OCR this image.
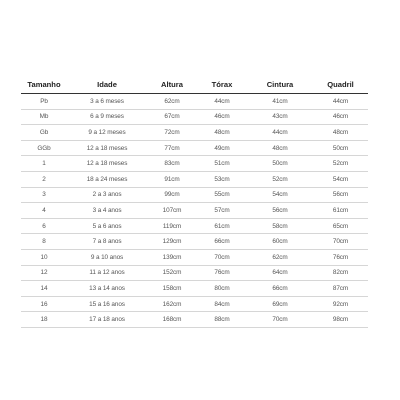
Tamanho	Idade	Altura	Tórax	Cintura	Quadril
Pb	3 a 6 meses	62cm	44cm	41cm	44cm
Mb	6 a 9 meses	67cm	46cm	43cm	46cm
Gb	9 a 12 meses	72cm	48cm	44cm	48cm
GGb	12 a 18 meses	77cm	49cm	48cm	50cm
1	12 a 18 meses	83cm	51cm	50cm	52cm
2	18 a 24 meses	91cm	53cm	52cm	54cm
3	2 a 3 anos	99cm	55cm	54cm	56cm
4	3 a 4 anos	107cm	57cm	56cm	61cm
6	5 a 6 anos	119cm	61cm	58cm	65cm
8	7 a 8 anos	129cm	66cm	60cm	70cm
10	9 a 10 anos	139cm	70cm	62cm	76cm
12	11 a 12 anos	152cm	76cm	64cm	82cm
14	13 a 14 anos	158cm	80cm	66cm	87cm
16	15 a 16 anos	162cm	84cm	69cm	92cm
18	17 a 18 anos	168cm	88cm	70cm	98cm
